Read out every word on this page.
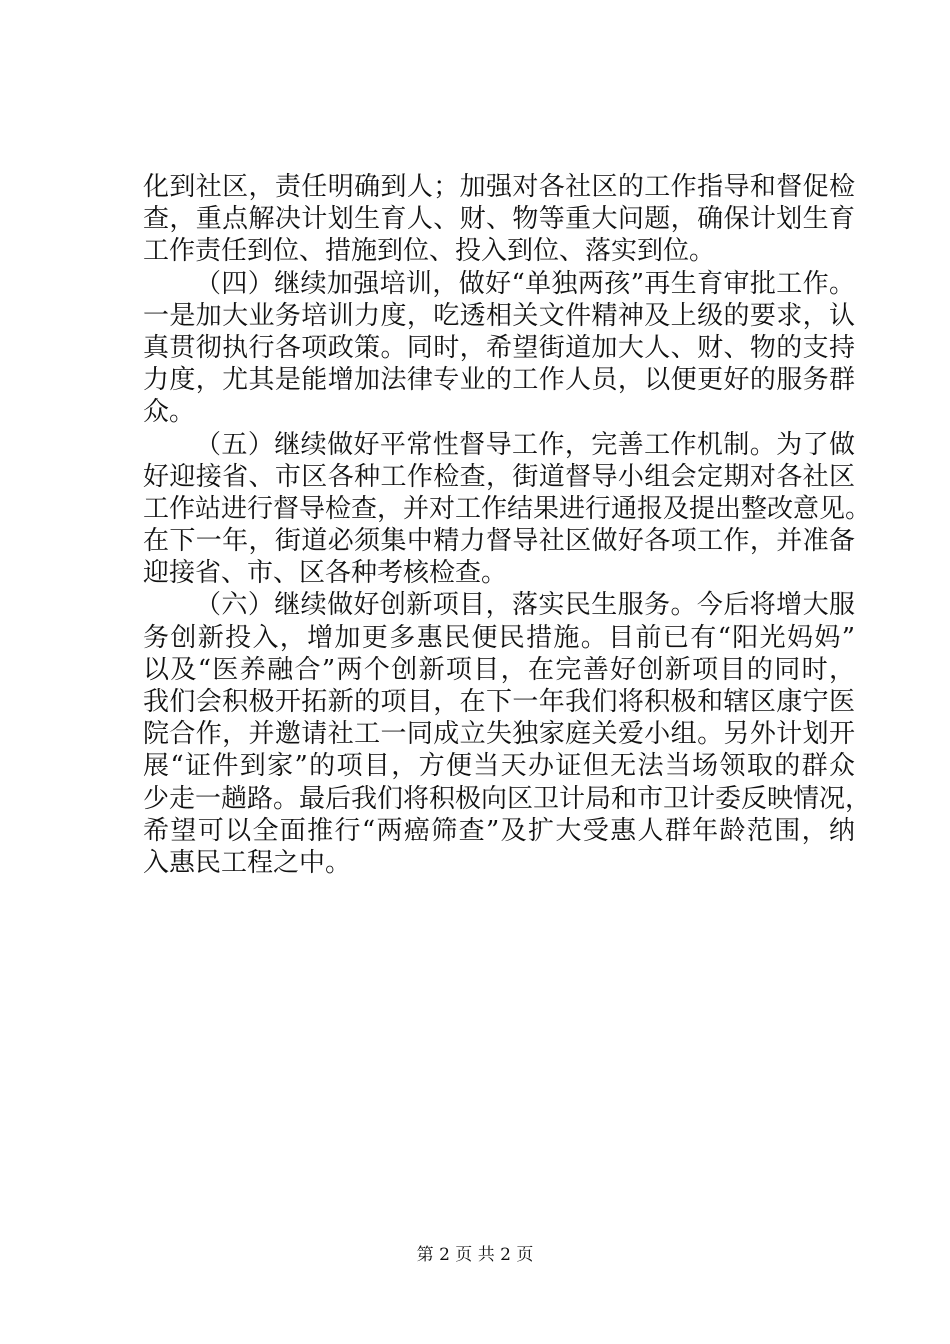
化到社区，责任明确到人；加强对各社区的工作指导和督促检
查，重点解决计划生育人、财、物等重大问题，确保计划生育
工作责任到位、措施到位、投入到位、落实到位。
（四）继续加强培训，做好“单独两孩”再生育审批工作。
一是加大业务培训力度，吃透相关文件精神及上级的要求，认
真贯彻执行各项政策。同时，希望街道加大人、财、物的支持
力度，尤其是能增加法律专业的工作人员，以便更好的服务群
众。
（五）继续做好平常性督导工作，完善工作机制。为了做
好迎接省、市区各种工作检查，街道督导小组会定期对各社区
工作站进行督导检查，并对工作结果进行通报及提出整改意见。
在下一年，街道必须集中精力督导社区做好各项工作，并准备
迎接省、市、区各种考核检查。
（六）继续做好创新项目，落实民生服务。今后将增大服
务创新投入，增加更多惠民便民措施。目前已有“阳光妈妈”
以及“医养融合”两个创新项目，在完善好创新项目的同时，
我们会积极开拓新的项目，在下一年我们将积极和辖区康宁医
院合作，并邀请社工一同成立失独家庭关爱小组。另外计划开
展“证件到家”的项目，方便当天办证但无法当场领取的群众
少走一趟路。最后我们将积极向区卫计局和市卫计委反映情况，
希望可以全面推行“两癌筛查”及扩大受惠人群年龄范围，纳
入惠民工程之中。
第 2 页 共 2 页
